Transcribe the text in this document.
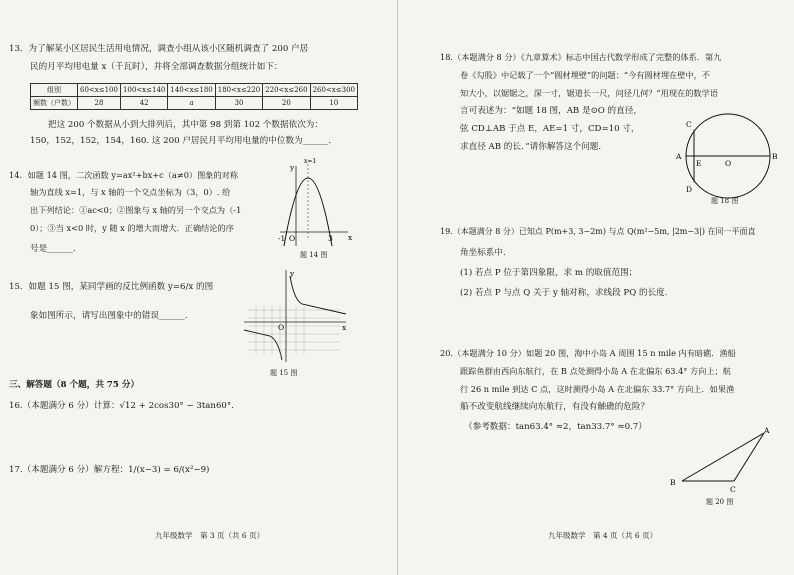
13．为了解某小区居民生活用电情况，调查小组从该小区随机调查了 200 户居
民的月平均用电量 x（千瓦时），并将全部调查数据分组统计如下：
组别	60<x≤100	100<x≤140	140<x≤180	180<x≤220	220<x≤260	260<x≤300
频数（户数）	28	42	a	30	20	10
把这 200 个数据从小到大排列后，其中第 98 到第 102 个数据依次为：
150，152，152，154，160. 这 200 户居民月平均用电量的中位数为______.
14．如题 14 图，二次函数 y=ax²+bx+c（a≠0）图象的对称
轴为直线 x=1，与 x 轴的一个交点坐标为（3，0）. 给
出下列结论：①ac<0；②图象与 x 轴的另一个交点为（-1
0）；③当 x<0 时，y 随 x 的增大而增大．正确结论的序
号是______.
y
x
O
-1	3
x=1
题 14 图
15．如题 15 图，某同学画的反比例函数 y=6/x 的图
象如图所示，请写出图象中的错误______.
y
x
O
题 15 图
三、解答题（8 个题，共 75 分）
16.（本题满分 6 分）计算：√12 + 2cos30° − 3tan60°.
17.（本题满分 6 分）解方程：1/(x−3) = 6/(x²−9)
九年级数学　第 3 页（共 6 页）
18.（本题满分 8 分）《九章算术》标志中国古代数学形成了完整的体系．第九
卷《勾股》中记载了一个“圆材埋壁”的问题：“今有圆材埋在壁中，不
知大小，以锯锯之，深一寸，锯道长一尺，问径几何？”用现在的数学语
言可表述为：“如题 18 图，AB 是⊙O 的直径，
弦 CD⊥AB 于点 E，AE=1 寸，CD=10 寸，
求直径 AB 的长．”请你解答这个问题.
A	B
C
D
E	O
题 18 图
19.（本题满分 8 分）已知点 P(m+3, 3−2m) 与点 Q(m²−5m, |2m−3|) 在同一平面直
角坐标系中.
(1) 若点 P 位于第四象限，求 m 的取值范围；
(2) 若点 P 与点 Q 关于 y 轴对称，求线段 PQ 的长度.
20.（本题满分 10 分）如题 20 图，海中小岛 A 周围 15 n mile 内有暗礁．渔船
跟踪鱼群由西向东航行，在 B 点处测得小岛 A 在北偏东 63.4° 方向上；航
行 26 n mile 到达 C 点，这时测得小岛 A 在北偏东 33.7° 方向上．如果渔
船不改变航线继续向东航行，有没有触礁的危险？
（参考数据：tan63.4° ≈2，tan33.7° ≈0.7）	A
B
C
题 20 图
九年级数学　第 4 页（共 6 页）
